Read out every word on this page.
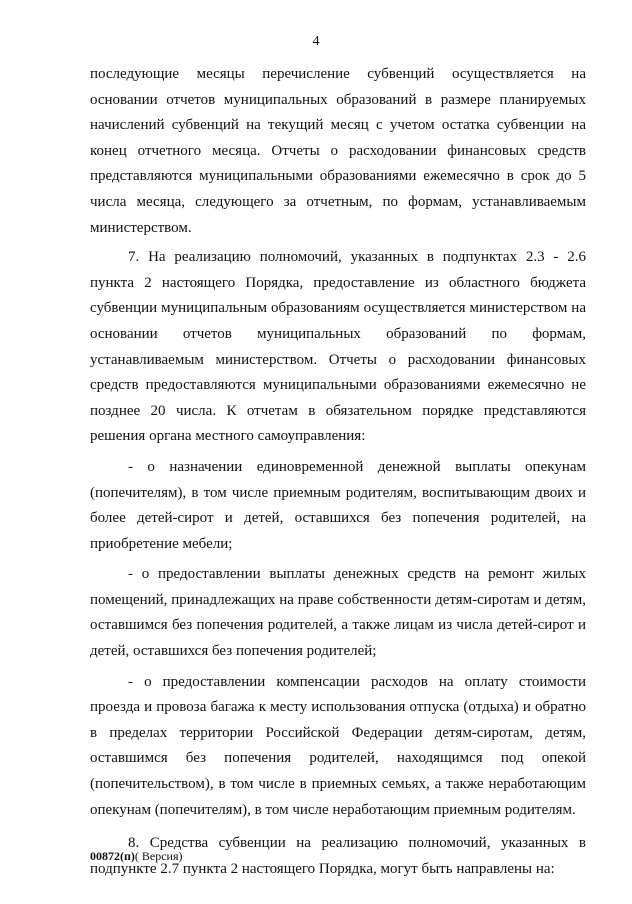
4

последующие месяцы перечисление субвенций осуществляется на основании отчетов муниципальных образований в размере планируемых начислений субвенций на текущий месяц с учетом остатка субвенции на конец отчетного месяца. Отчеты о расходовании финансовых средств представляются муниципальными образованиями ежемесячно в срок до 5 числа месяца, следующего за отчетным, по формам, устанавливаемым министерством.

7. На реализацию полномочий, указанных в подпунктах 2.3 - 2.6 пункта 2 настоящего Порядка, предоставление из областного бюджета субвенции муниципальным образованиям осуществляется министерством на основании отчетов муниципальных образований по формам, устанавливаемым министерством. Отчеты о расходовании финансовых средств предоставляются муниципальными образованиями ежемесячно не позднее 20 числа. К отчетам в обязательном порядке представляются решения органа местного самоуправления:

- о назначении единовременной денежной выплаты опекунам (попечителям), в том числе приемным родителям, воспитывающим двоих и более детей-сирот и детей, оставшихся без попечения родителей, на приобретение мебели;

- о предоставлении выплаты денежных средств на ремонт жилых помещений, принадлежащих на праве собственности детям-сиротам и детям, оставшимся без попечения родителей, а также лицам из числа детей-сирот и детей, оставшихся без попечения родителей;

- о предоставлении компенсации расходов на оплату стоимости проезда и провоза багажа к месту использования отпуска (отдыха) и обратно в пределах территории Российской Федерации детям-сиротам, детям, оставшимся без попечения родителей, находящимся под опекой (попечительством), в том числе в приемных семьях, а также неработающим опекунам (попечителям), в том числе неработающим приемным родителям.

8. Средства субвенции на реализацию полномочий, указанных в подпункте 2.7 пункта 2 настоящего Порядка, могут быть направлены на:

00872(п)( Версия)
